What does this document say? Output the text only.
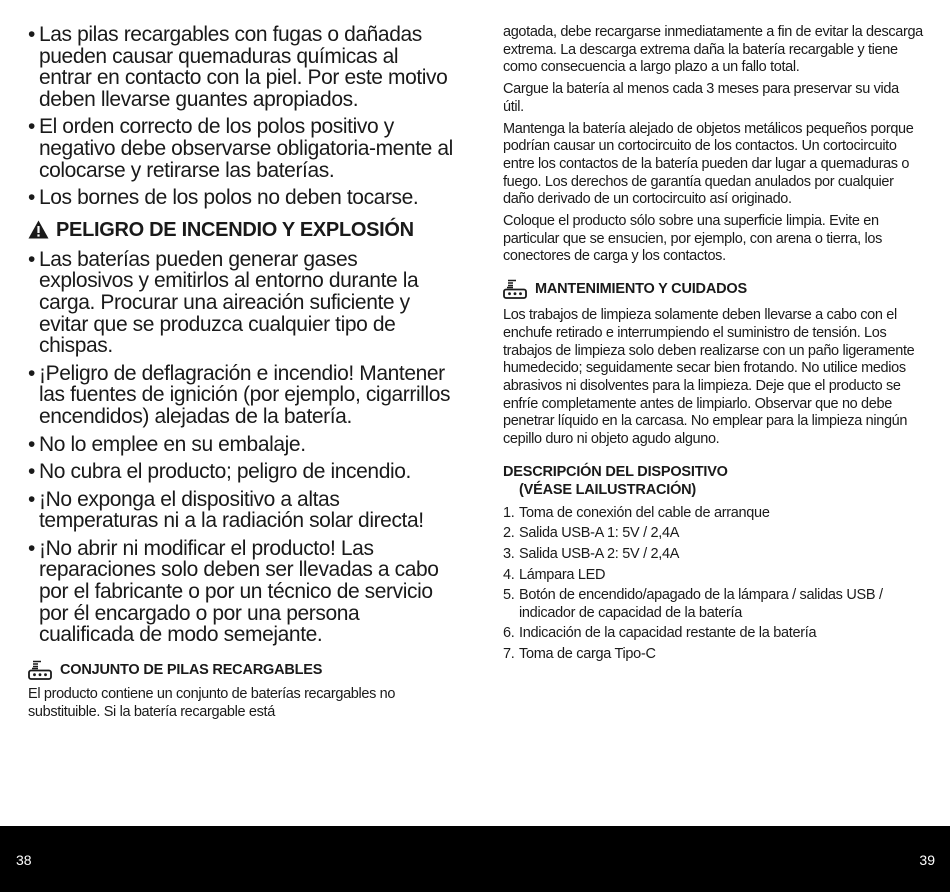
• Las pilas recargables con fugas o dañadas pueden causar quemaduras químicas al entrar en contacto con la piel. Por este motivo deben llevarse guantes apropiados.
• El orden correcto de los polos positivo y negativo debe observarse obligatoria-mente al colocarse y retirarse las baterías.
• Los bornes de los polos no deben tocarse.
PELIGRO DE INCENDIO Y EXPLOSIÓN
• Las baterías pueden generar gases explosivos y emitirlos al entorno durante la carga. Procurar una aireación suficiente y evitar que se produzca cualquier tipo de chispas.
• ¡Peligro de deflagración e incendio! Mantener las fuentes de ignición (por ejemplo, cigarrillos encendidos) alejadas de la batería.
• No lo emplee en su embalaje.
• No cubra el producto; peligro de incendio.
• ¡No exponga el dispositivo a altas temperaturas ni a la radiación solar directa!
• ¡No abrir ni modificar el producto! Las reparaciones solo deben ser llevadas a cabo por el fabricante o por un técnico de servicio por él encargado o por una persona cualificada de modo semejante.
CONJUNTO DE PILAS RECARGABLES

El producto contiene un conjunto de baterías recargables no substituible. Si la batería recargable está

agotada, debe recargarse inmediatamente a fin de evitar la descarga extrema. La descarga extrema daña la batería recargable y tiene como consecuencia a largo plazo a un fallo total.

Cargue la batería al menos cada 3 meses para preservar su vida útil.

Mantenga la batería alejado de objetos metálicos pequeños porque podrían causar un cortocircuito de los contactos. Un cortocircuito entre los contactos de la batería pueden dar lugar a quemaduras o fuego. Los derechos de garantía quedan anulados por cualquier daño derivado de un cortocircuito así originado.

Coloque el producto sólo sobre una superficie limpia. Evite en particular que se ensucien, por ejemplo, con arena o tierra, los conectores de carga y los contactos.

MANTENIMIENTO Y CUIDADOS

Los trabajos de limpieza solamente deben llevarse a cabo con el enchufe retirado e interrumpiendo el suministro de tensión. Los trabajos de limpieza solo deben realizarse con un paño ligeramente humedecido; seguidamente secar bien frotando. No utilice medios abrasivos ni disolventes para la limpieza. Deje que el producto se enfríe completamente antes de limpiarlo. Observar que no debe penetrar líquido en la carcasa. No emplear para la limpieza ningún cepillo duro ni objeto agudo alguno.

DESCRIPCIÓN DEL DISPOSITIVO
(VÉASE LAILUSTRACIÓN)
1. Toma de conexión del cable de arranque
2. Salida USB-A 1: 5V / 2,4A
3. Salida USB-A 2: 5V / 2,4A
4. Lámpara LED
5. Botón de encendido/apagado de la lámpara / salidas USB / indicador de capacidad de la batería
6. Indicación de la capacidad restante de la batería
7. Toma de carga Tipo-C
38	39
